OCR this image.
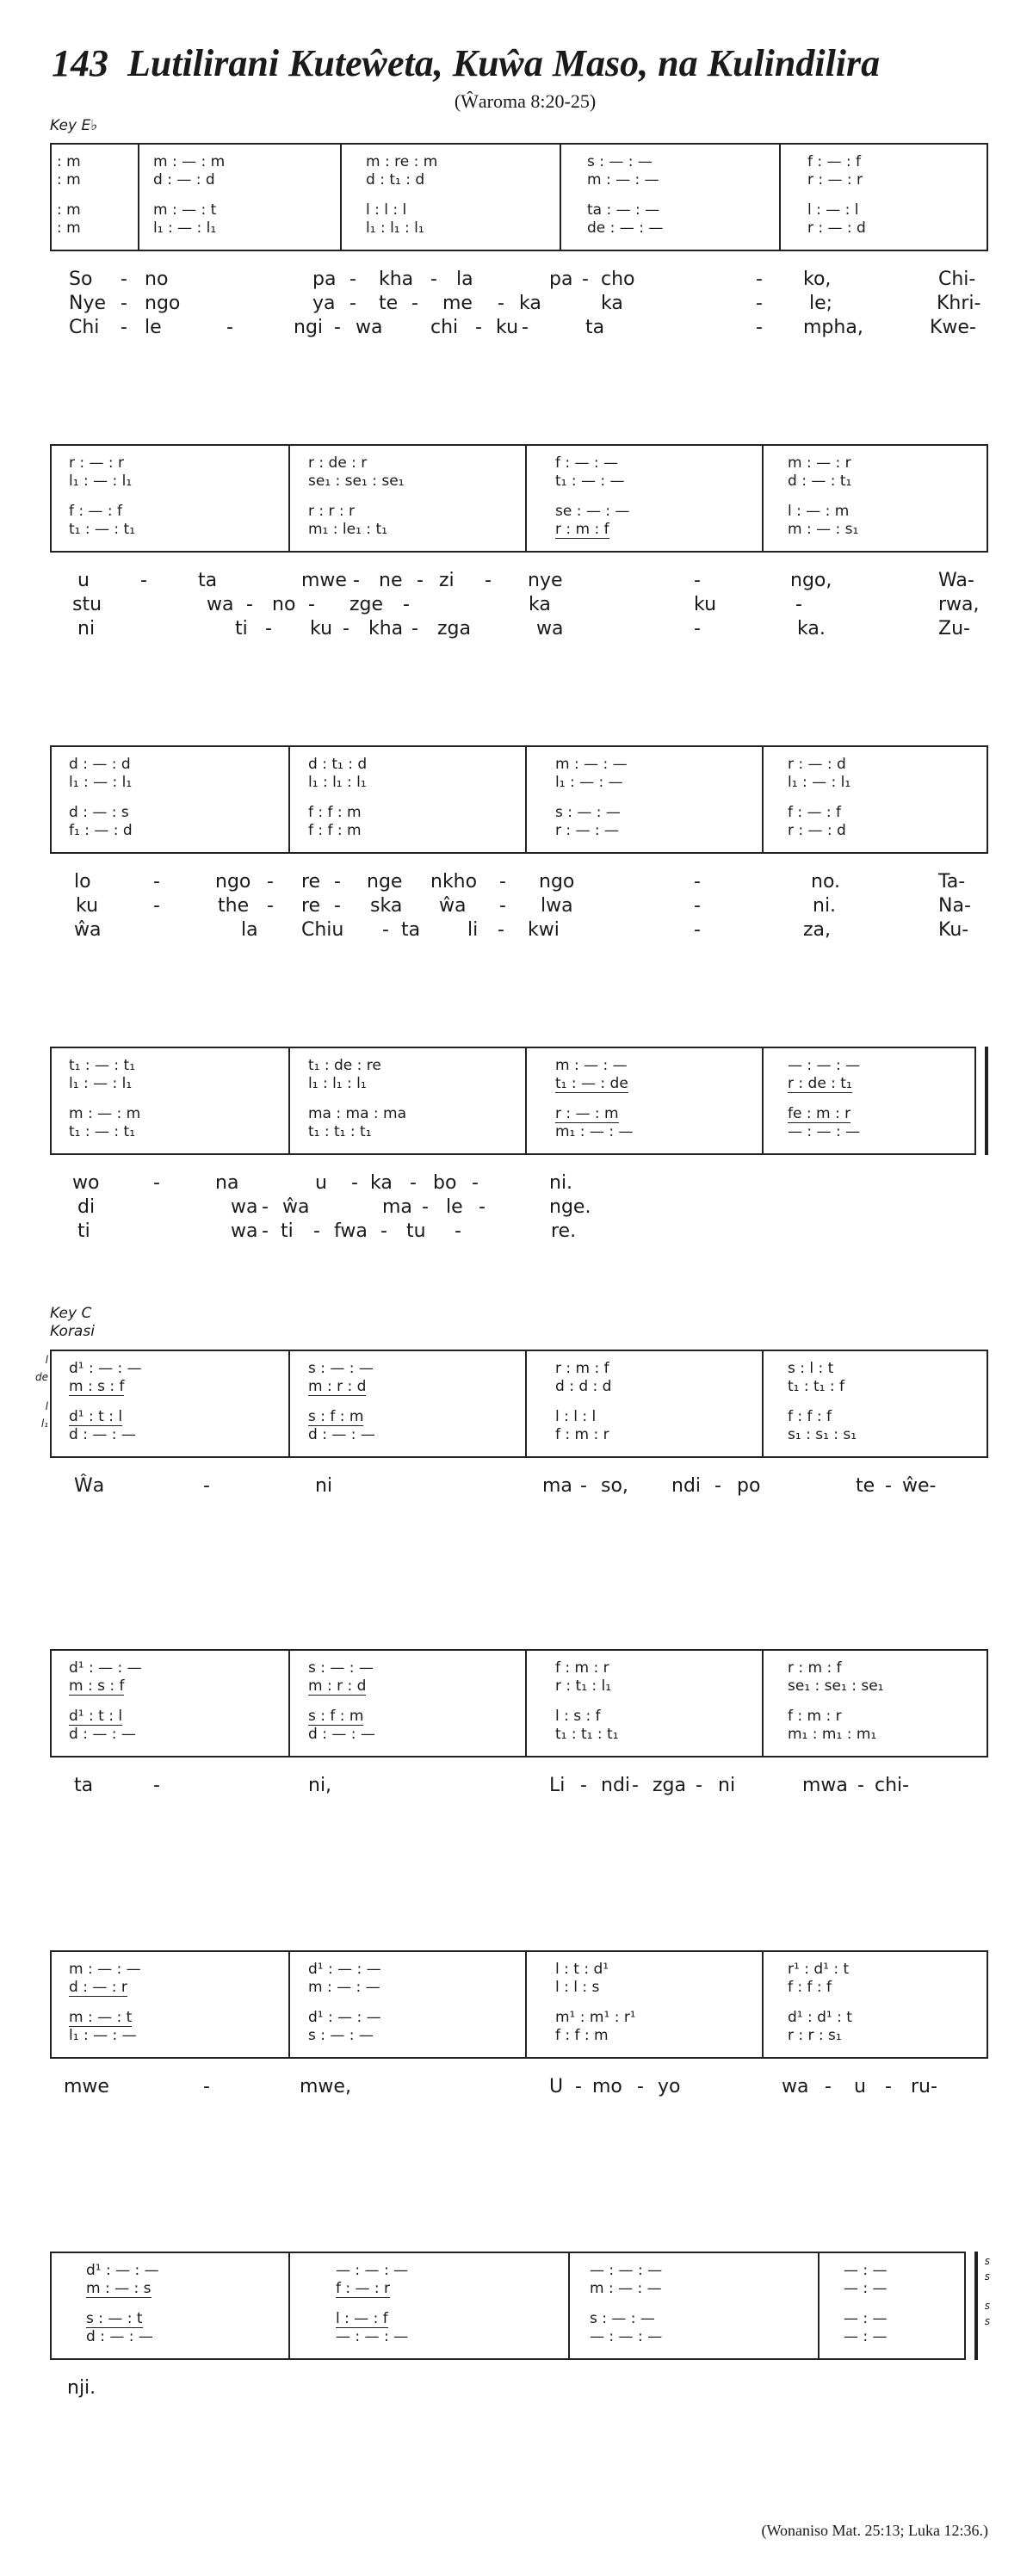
143 Lutilirani Kuteŵeta, Kuŵa Maso, na Kulindilira
(Ŵaroma 8:20-25)
Key E♭
: m	m : — : m	m : re : m	s : — : —	f : — : f
: m	d : — : d	d : t₁ : d	m : — : —	r : — : r
: m	m : — : t	l : l : l	ta : — : —	l : — : l
: m	l₁ : — : l₁	l₁ : l₁ : l₁	de : — : —	r : — : d
So - no	pa - kha - la	pa - cho	- ko,	Chi-
Nye - ngo	ya - te - me - ka	ka	- le;	Khri-
Chi - le	-	ngi - wa	chi - ku -	ta	- mpha,	Kwe-
r : — : r	r : de : r	f : — : —	m : — : r
l₁ : — : l₁	se₁ : se₁ : se₁	t₁ : — : —	d : — : t₁
f : — : f	r : r : r	se : — : —	l : — : m
t₁ : — : t₁	m₁ : le₁ : t₁	r : m : f	m : — : s₁
u	-	ta	mwe - ne - zi - nye	-	ngo,	Wa-
stu	wa - no - zge -	ka	ku	-	rwa,
ni	ti - ku - kha - zga	wa	-	ka.	Zu-
d : — : d	d : t₁ : d	m : — : —	r : — : d
l₁ : — : l₁	l₁ : l₁ : l₁	l₁ : — : —	l₁ : — : l₁
d : — : s	f : f : m	s : — : —	f : — : f
f₁ : — : d	f : f : m	r : — : —	r : — : d
lo	-	ngo - re - nge nkho - ngo	-	no.	Ta-
ku	-	the - re - ska ŵa - lwa	-	ni.	Na-
ŵa	la Chiu - ta li - kwi	-	za,	Ku-
t₁ : — : t₁	t₁ : de : re	m : — : —	— : — : —
l₁ : — : l₁	l₁ : l₁ : l₁	t₁ : — : de	r : de : t₁
m : — : m	ma : ma : ma	r : — : m	fe : m : r
t₁ : — : t₁	t₁ : t₁ : t₁	m₁ : — : —	— : — : —
wo	-	na	u - ka - bo -	ni.
di	wa - ŵa	ma - le -	nge.
ti	wa - ti - fwa - tu -	re.
Key C
Korasi
l
de
l
l₁
d¹ : — : —	s : — : —	r : m : f	s : l : t
m : s : f	m : r : d	d : d : d	t₁ : t₁ : f
d¹ : t : l	s : f : m	l : l : l	f : f : f
d : — : —	d : — : —	f : m : r	s₁ : s₁ : s₁
Ŵa	-	ni	ma - so, ndi - po	te - ŵe-
d¹ : — : —	s : — : —	f : m : r	r : m : f
m : s : f	m : r : d	r : t₁ : l₁	se₁ : se₁ : se₁
d¹ : t : l	s : f : m	l : s : f	f : m : r
d : — : —	d : — : —	t₁ : t₁ : t₁	m₁ : m₁ : m₁
ta	-	ni,	Li - ndi - zga - ni	mwa - chi-
m : — : —	d¹ : — : —	l : t : d¹	r¹ : d¹ : t
d : — : r	m : — : —	l : l : s	f : f : f
m : — : t	d¹ : — : —	m¹ : m¹ : r¹	d¹ : d¹ : t
l₁ : — : —	s : — : —	f : f : m	r : r : s₁
mwe	-	mwe,	U - mo - yo	wa - u - ru-
d¹ : — : —	— : — : —	— : — : —	— : —
m : — : s	f : — : r	m : — : —	— : —
s : — : t	l : — : f	s : — : —	— : —
d : — : —	— : — : —	— : — : —	— : —
s
s
s
s
nji.
(Wonaniso Mat. 25:13; Luka 12:36.)
